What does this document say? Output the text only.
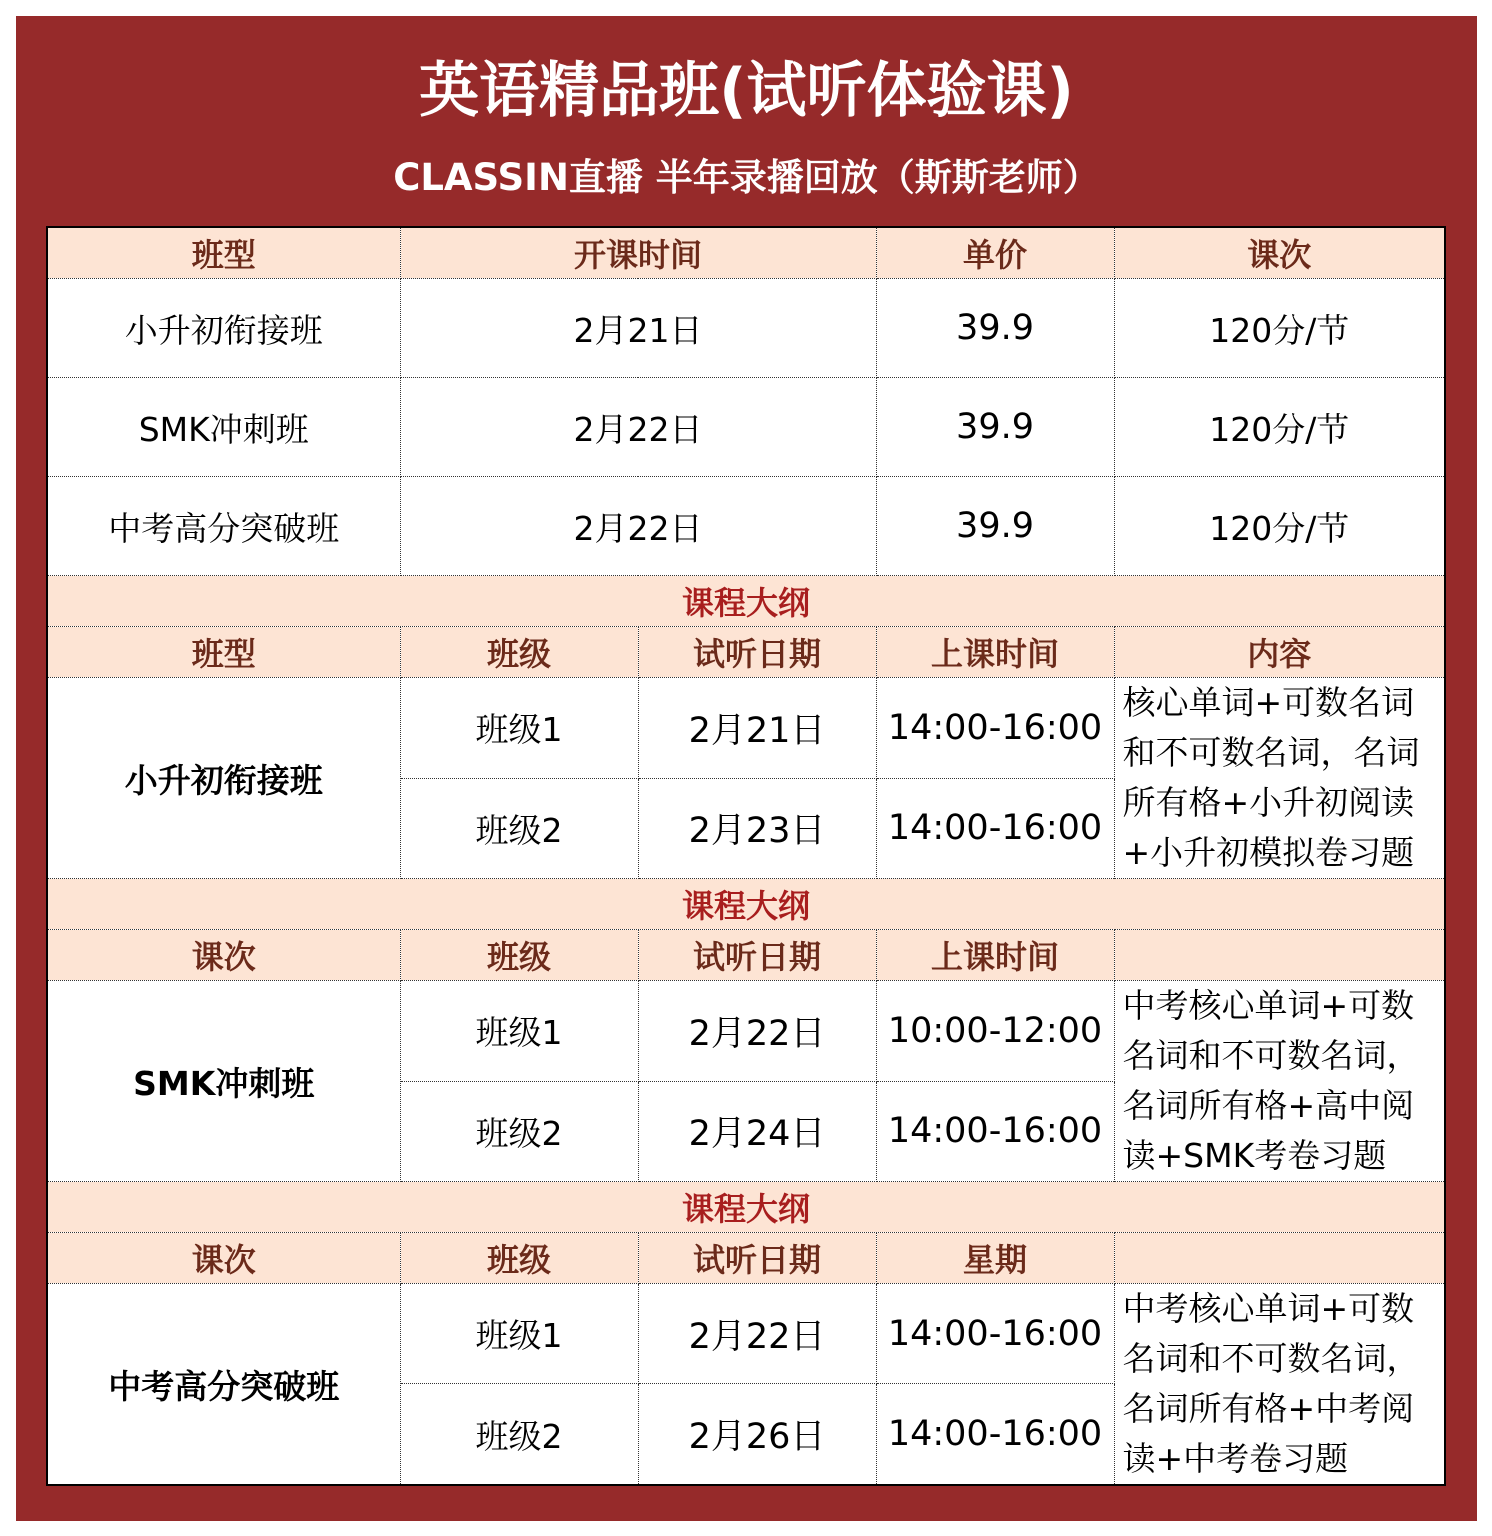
英语精品班(试听体验课)
CLASSIN直播 半年录播回放（斯斯老师）
班型	开课时间		单价	课次
小升初衔接班	2月21日		39.9	120分/节
SMK冲刺班	2月22日		39.9	120分/节
中考高分突破班	2月22日		39.9	120分/节
课程大纲				
班型	班级	试听日期	上课时间	内容
小升初衔接班	班级1	2月21日	14:00-16:00	核心单词+可数名词和不可数名词，名词所有格+小升初阅读+小升初模拟卷习题
	班级2	2月23日	14:00-16:00	
课程大纲				
课次	班级	试听日期	上课时间	
SMK冲刺班	班级1	2月22日	10:00-12:00	中考核心单词+可数名词和不可数名词，名词所有格+高中阅读+SMK考卷习题
	班级2	2月24日	14:00-16:00	
课程大纲				
课次	班级	试听日期	星期	
中考高分突破班	班级1	2月22日	14:00-16:00	中考核心单词+可数名词和不可数名词，名词所有格+中考阅读+中考卷习题
	班级2	2月26日	14:00-16:00	
